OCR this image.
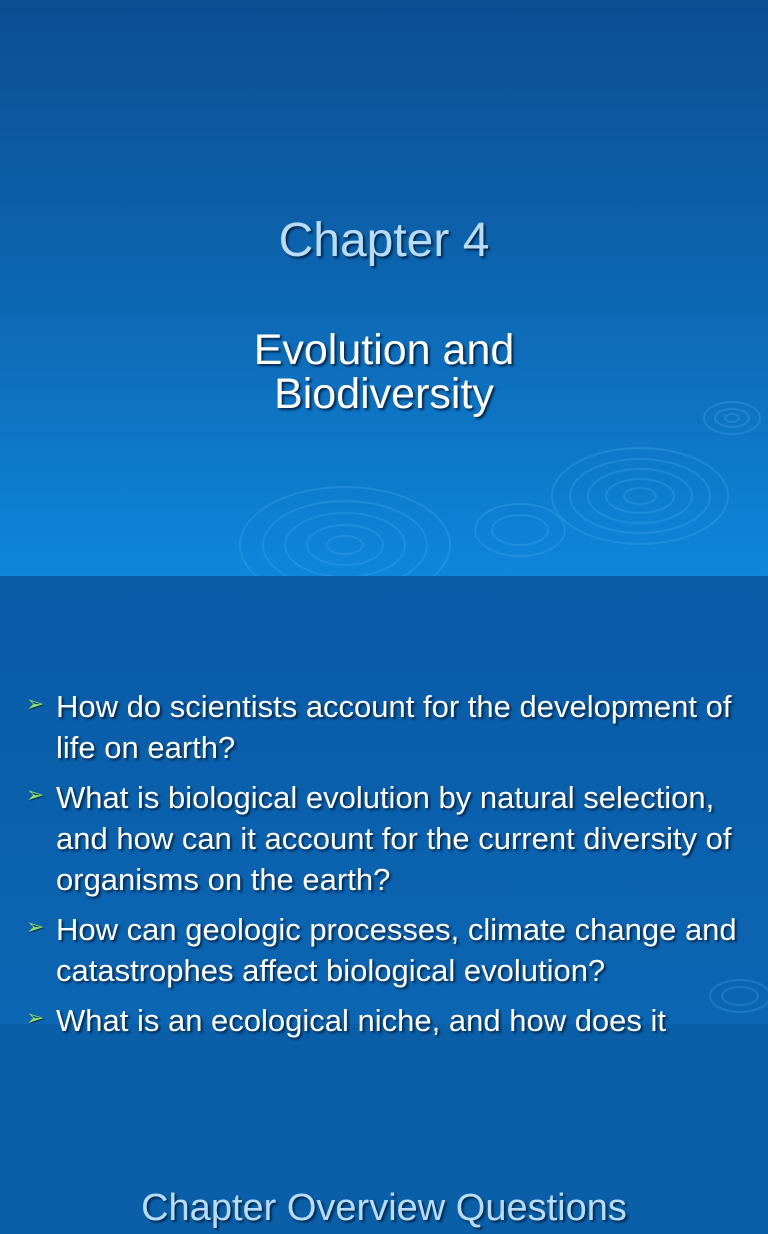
Chapter 4
Evolution and
Biodiversity
Chapter Overview Questions
➢ How do scientists account for the development of life on earth?
➢ What is biological evolution by natural selection, and how can it account for the current diversity of organisms on the earth?
➢ How can geologic processes, climate change and catastrophes affect biological evolution?
➢ What is an ecological niche, and how does it
